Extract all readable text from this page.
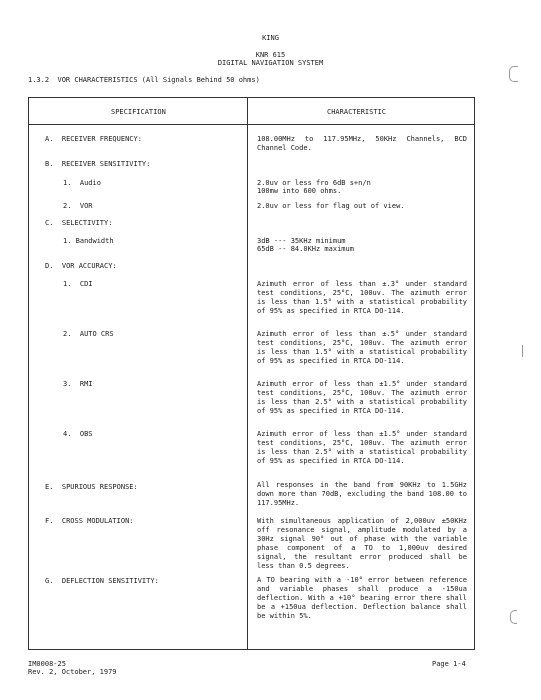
KING
KNR 615
DIGITAL NAVIGATION SYSTEM
1.3.2  VOR CHARACTERISTICS (All Signals Behind 50 ohms)
SPECIFICATION	CHARACTERISTIC
A.  RECEIVER FREQUENCY:	108.00MHz to 117.95MHz, 50KHz Channels, BCD Channel Code.
B.  RECEIVER SENSITIVITY:
1.  Audio	2.0uv or less fro 6dB s+n/n
100mw into 600 ohms.
2.  VOR	2.0uv or less for flag out of view.
C.  SELECTIVITY:
1. Bandwidth	3dB --- 35KHz minimum
65dB -- 84.0KHz maximum
D.  VOR ACCURACY:
1.  CDI	Azimuth error of less than ±.3° under standard test conditions, 25°C, 100uv. The azimuth error is less than 1.5° with a statistical probability of 95% as specified in RTCA DO-114.
2.  AUTO CRS	Azimuth error of less than ±.5° under standard test conditions, 25°C, 100uv. The azimuth error is less than 1.5° with a statistical probability of 95% as specified in RTCA DO-114.
3.  RMI	Azimuth error of less than ±1.5° under standard test conditions, 25°C, 100uv. The azimuth error is less than 2.5° with a statistical probability of 95% as specified in RTCA DO-114.
4.  OBS	Azimuth error of less than ±1.5° under standard test conditions, 25°C, 100uv. The azimuth error is less than 2.5° with a statistical probability of 95% as specified in RTCA DO-114.
E.  SPURIOUS RESPONSE:	All responses in the band from 90KHz to 1.5GHz down more than 70dB, excluding the band 108.00 to 117.95MHz.
F.  CROSS MODULATION:	With simultaneous application of 2,000uv ±50KHz off resonance signal, amplitude modulated by a 30Hz signal 90° out of phase with the variable phase component of a TO to 1,000uv desired signal, the resultant error produced shall be less than 0.5 degrees.
G.  DEFLECTION SENSITIVITY:	A TO bearing with a -10° error between reference and variable phases shall produce a -150ua deflection. With a +10° bearing error there shall be a +150ua deflection. Deflection balance shall be within 5%.
IM0008-25
Rev. 2, October, 1979
Page 1-4
